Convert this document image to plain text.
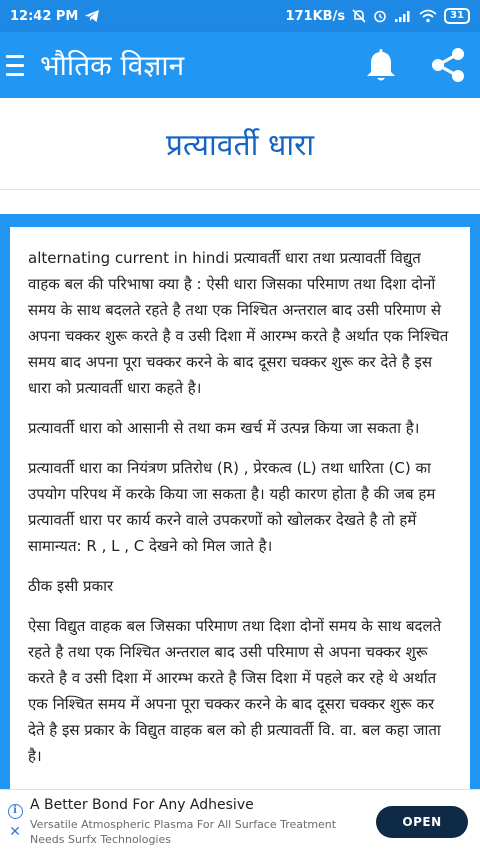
12:42 PM	171KB/s	31
भौतिक विज्ञान
प्रत्यावर्ती धारा

alternating current in hindi प्रत्यावर्ती धारा तथा प्रत्यावर्ती विद्युत वाहक बल की परिभाषा क्या है : ऐसी धारा जिसका परिमाण तथा दिशा दोनों समय के साथ बदलते रहते है तथा एक निश्चित अन्तराल बाद उसी परिमाण से अपना चक्कर शुरू करते है व उसी दिशा में आरम्भ करते है अर्थात एक निश्चित समय बाद अपना पूरा चक्कर करने के बाद दूसरा चक्कर शुरू कर देते है इस धारा को प्रत्यावर्ती धारा कहते है।

प्रत्यावर्ती धारा को आसानी से तथा कम खर्च में उत्पन्न किया जा सकता है।

प्रत्यावर्ती धारा का नियंत्रण प्रतिरोध (R) , प्रेरकत्व (L) तथा धारिता (C) का उपयोग परिपथ में करके किया जा सकता है। यही कारण होता है की जब हम प्रत्यावर्ती धारा पर कार्य करने वाले उपकरणों को खोलकर देखते है तो हमें सामान्यत: R , L , C देखने को मिल जाते है।

ठीक इसी प्रकार

ऐसा विद्युत वाहक बल जिसका परिमाण तथा दिशा दोनों समय के साथ बदलते रहते है तथा एक निश्चित अन्तराल बाद उसी परिमाण से अपना चक्कर शुरू करते है व उसी दिशा में आरम्भ करते है जिस दिशा में पहले कर रहे थे अर्थात एक निश्चित समय में अपना पूरा चक्कर करने के बाद दूसरा चक्कर शुरू कर देते है इस प्रकार के विद्युत वाहक बल को ही प्रत्यावर्ती वि. वा. बल कहा जाता है।

i
✕
A Better Bond For Any Adhesive
Versatile Atmospheric Plasma For All Surface Treatment Needs Surfx Technologies
OPEN
